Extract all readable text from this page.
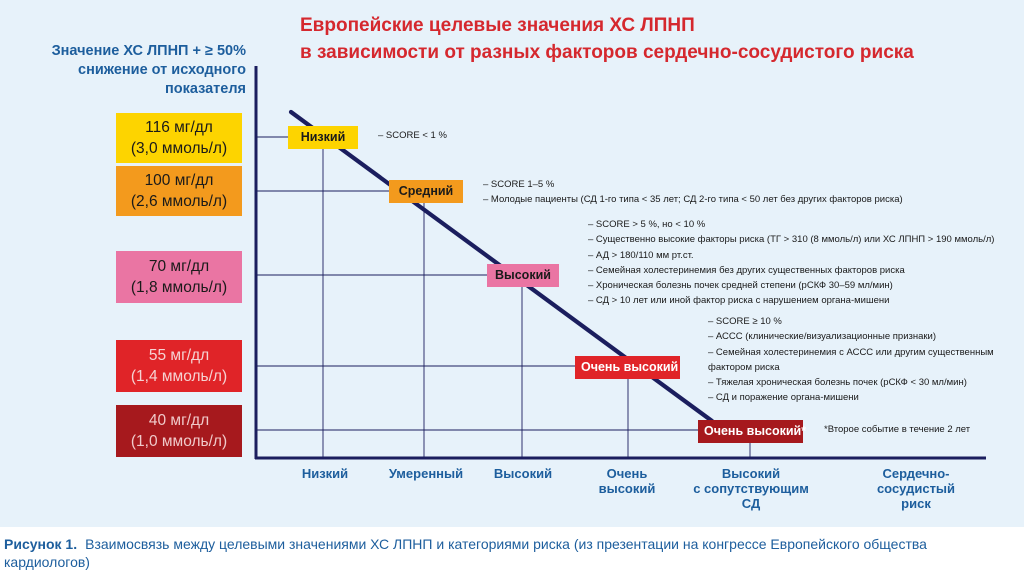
Европейские целевые значения ХС ЛПНП
в зависимости от разных факторов сердечно-сосудистого риска
Значение ХС ЛПНП + ≥ 50%
снижение от исходного
показателя
116 мг/дл
(3,0 ммоль/л)
100 мг/дл
(2,6 ммоль/л)
70 мг/дл
(1,8 ммоль/л)
55 мг/дл
(1,4 ммоль/л)
40 мг/дл
(1,0 ммоль/л)
Низкий
Средний
Высокий
Очень высокий
Очень высокий*
– SCORE < 1 %
– SCORE 1–5 %
– Молодые пациенты (СД 1-го типа < 35 лет; СД 2-го типа < 50 лет без других факторов риска)
– SCORE > 5 %, но < 10 %
– Существенно высокие факторы риска (ТГ > 310 (8 ммоль/л) или ХС ЛПНП > 190 ммоль/л)
– АД > 180/110 мм рт.ст.
– Семейная холестеринемия без других существенных факторов риска
– Хроническая болезнь почек средней степени (рСКФ 30–59 мл/мин)
– СД > 10 лет или иной фактор риска с нарушением органа-мишени
– SCORE ≥ 10 %
– АССС (клинические/визуализационные признаки)
– Семейная холестеринемия с АССС или другим существенным
фактором риска
– Тяжелая хроническая болезнь почек (рСКФ < 30 мл/мин)
– СД и поражение органа-мишени
*Второе событие в течение 2 лет
Низкий	Умеренный	Высокий	Очень
высокий
Высокий
с сопутствующим
СД
Сердечно-
сосудистый
риск
Рисунок 1. Взаимосвязь между целевыми значениями ХС ЛПНП и категориями риска (из презентации на конгрессе Европейского общества кардиологов)
